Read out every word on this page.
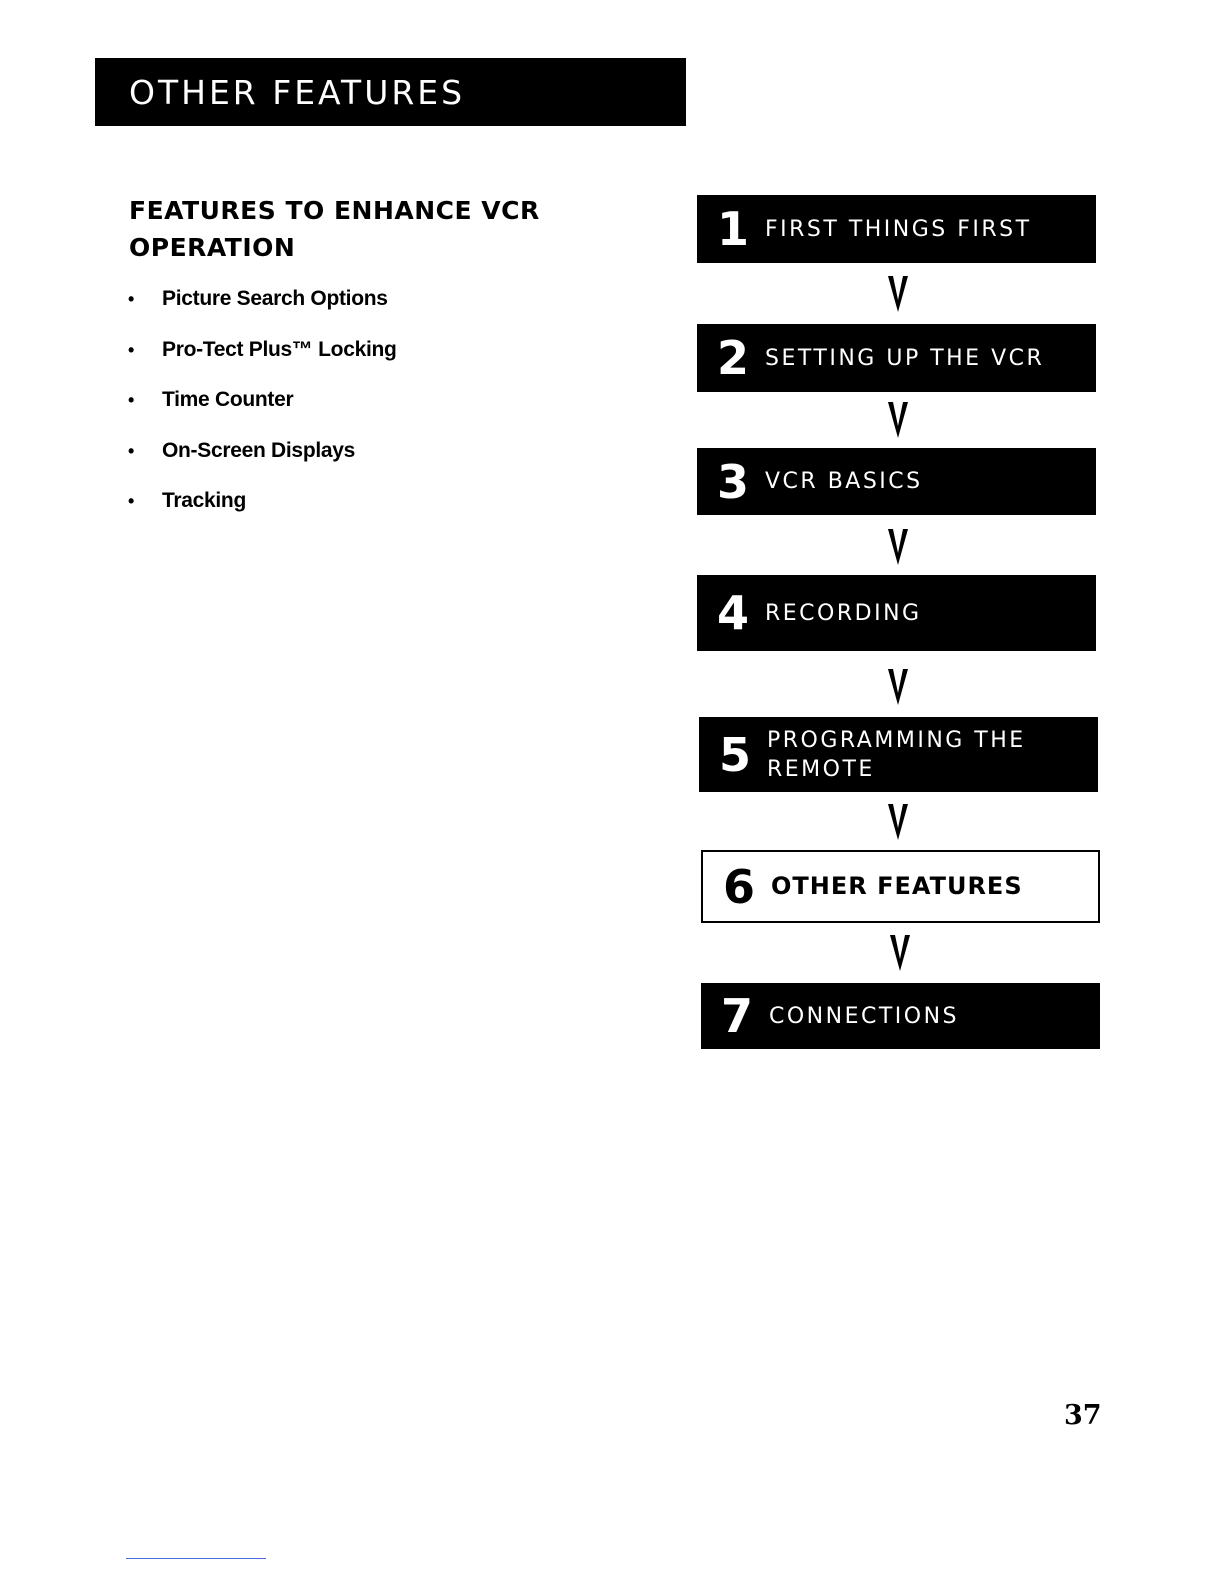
OTHER FEATURES
FEATURES TO ENHANCE VCR OPERATION
•	Picture Search Options
•	Pro-Tect Plus™ Locking
•	Time Counter
•	On-Screen Displays
•	Tracking
1 FIRST THINGS FIRST
2 SETTING UP THE VCR
3 VCR BASICS
4 RECORDING
5 PROGRAMMING THE REMOTE
6 OTHER FEATURES
7 CONNECTIONS
37
